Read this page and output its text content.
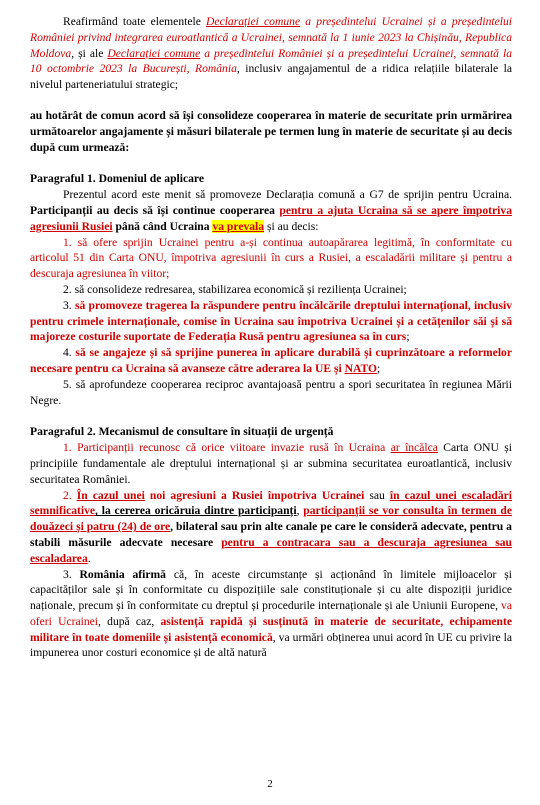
Reafirmând toate elementele Declarației comune a președintelui Ucrainei și a președintelui României privind integrarea euroatlantică a Ucrainei, semnată la 1 iunie 2023 la Chișinău, Republica Moldova, și ale Declarației comune a președintelui României și a președintelui Ucrainei, semnată la 10 octombrie 2023 la București, România, inclusiv angajamentul de a ridica relațiile bilaterale la nivelul parteneriatului strategic;

au hotărât de comun acord să își consolideze cooperarea în materie de securitate prin urmărirea următoarelor angajamente și măsuri bilaterale pe termen lung în materie de securitate și au decis după cum urmează:

Paragraful 1. Domeniul de aplicare

Prezentul acord este menit să promoveze Declarația comună a G7 de sprijin pentru Ucraina. Participanții au decis să își continue cooperarea pentru a ajuta Ucraina să se apere împotriva agresiunii Rusiei până când Ucraina va prevala și au decis:

1. să ofere sprijin Ucrainei pentru a-și continua autoapărarea legitimă, în conformitate cu articolul 51 din Carta ONU, împotriva agresiunii în curs a Rusiei, a escaladării militare și pentru a descuraja agresiunea în viitor;

2. să consolideze redresarea, stabilizarea economică și reziliența Ucrainei;

3. să promoveze tragerea la răspundere pentru încălcările dreptului internațional, inclusiv pentru crimele internaționale, comise în Ucraina sau împotriva Ucrainei și a cetățenilor săi și să majoreze costurile suportate de Federația Rusă pentru agresiunea sa în curs;

4. să se angajeze și să sprijine punerea în aplicare durabilă și cuprinzătoare a reformelor necesare pentru ca Ucraina să avanseze către aderarea la UE și NATO;

5. să aprofundeze cooperarea reciproc avantajoasă pentru a spori securitatea în regiunea Mării Negre.

Paragraful 2. Mecanismul de consultare în situații de urgență

1. Participanții recunosc că orice viitoare invazie rusă în Ucraina ar încălca Carta ONU și principiile fundamentale ale dreptului internațional și ar submina securitatea euroatlantică, inclusiv securitatea României.

2. În cazul unei noi agresiuni a Rusiei împotriva Ucrainei sau în cazul unei escaladări semnificative, la cererea oricăruia dintre participanți, participanții se vor consulta în termen de douăzeci și patru (24) de ore, bilateral sau prin alte canale pe care le consideră adecvate, pentru a stabili măsurile adecvate necesare pentru a contracara sau a descuraja agresiunea sau escaladarea.

3. România afirmă că, în aceste circumstanțe și acționând în limitele mijloacelor și capacităților sale și în conformitate cu dispozițiile sale constituționale și cu alte dispoziții juridice naționale, precum și în conformitate cu dreptul și procedurile internaționale și ale Uniunii Europene, va oferi Ucrainei, după caz, asistență rapidă și susținută în materie de securitate, echipamente militare în toate domeniile și asistență economică, va urmări obținerea unui acord în UE cu privire la impunerea unor costuri economice și de altă natură

2
